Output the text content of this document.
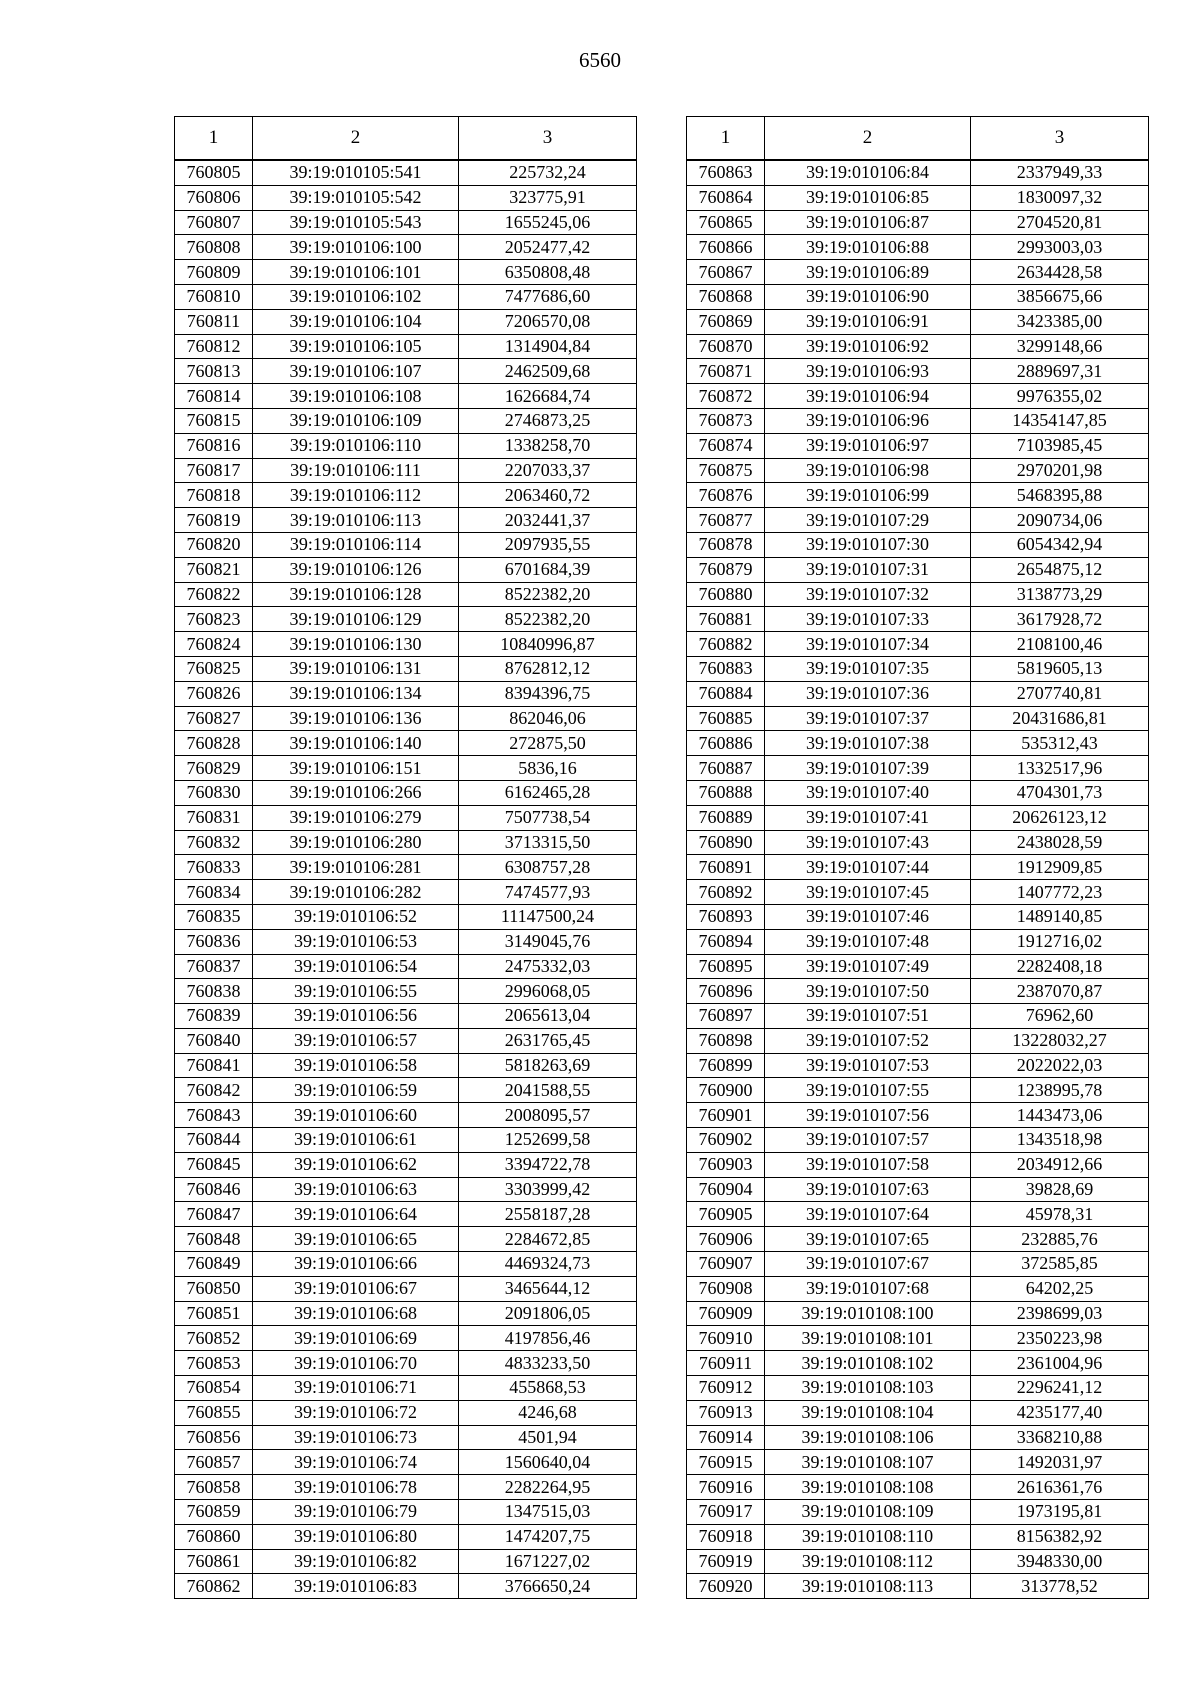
6560
1	2	3
760805	39:19:010105:541	225732,24
760806	39:19:010105:542	323775,91
760807	39:19:010105:543	1655245,06
760808	39:19:010106:100	2052477,42
760809	39:19:010106:101	6350808,48
760810	39:19:010106:102	7477686,60
760811	39:19:010106:104	7206570,08
760812	39:19:010106:105	1314904,84
760813	39:19:010106:107	2462509,68
760814	39:19:010106:108	1626684,74
760815	39:19:010106:109	2746873,25
760816	39:19:010106:110	1338258,70
760817	39:19:010106:111	2207033,37
760818	39:19:010106:112	2063460,72
760819	39:19:010106:113	2032441,37
760820	39:19:010106:114	2097935,55
760821	39:19:010106:126	6701684,39
760822	39:19:010106:128	8522382,20
760823	39:19:010106:129	8522382,20
760824	39:19:010106:130	10840996,87
760825	39:19:010106:131	8762812,12
760826	39:19:010106:134	8394396,75
760827	39:19:010106:136	862046,06
760828	39:19:010106:140	272875,50
760829	39:19:010106:151	5836,16
760830	39:19:010106:266	6162465,28
760831	39:19:010106:279	7507738,54
760832	39:19:010106:280	3713315,50
760833	39:19:010106:281	6308757,28
760834	39:19:010106:282	7474577,93
760835	39:19:010106:52	11147500,24
760836	39:19:010106:53	3149045,76
760837	39:19:010106:54	2475332,03
760838	39:19:010106:55	2996068,05
760839	39:19:010106:56	2065613,04
760840	39:19:010106:57	2631765,45
760841	39:19:010106:58	5818263,69
760842	39:19:010106:59	2041588,55
760843	39:19:010106:60	2008095,57
760844	39:19:010106:61	1252699,58
760845	39:19:010106:62	3394722,78
760846	39:19:010106:63	3303999,42
760847	39:19:010106:64	2558187,28
760848	39:19:010106:65	2284672,85
760849	39:19:010106:66	4469324,73
760850	39:19:010106:67	3465644,12
760851	39:19:010106:68	2091806,05
760852	39:19:010106:69	4197856,46
760853	39:19:010106:70	4833233,50
760854	39:19:010106:71	455868,53
760855	39:19:010106:72	4246,68
760856	39:19:010106:73	4501,94
760857	39:19:010106:74	1560640,04
760858	39:19:010106:78	2282264,95
760859	39:19:010106:79	1347515,03
760860	39:19:010106:80	1474207,75
760861	39:19:010106:82	1671227,02
760862	39:19:010106:83	3766650,24
1	2	3
760863	39:19:010106:84	2337949,33
760864	39:19:010106:85	1830097,32
760865	39:19:010106:87	2704520,81
760866	39:19:010106:88	2993003,03
760867	39:19:010106:89	2634428,58
760868	39:19:010106:90	3856675,66
760869	39:19:010106:91	3423385,00
760870	39:19:010106:92	3299148,66
760871	39:19:010106:93	2889697,31
760872	39:19:010106:94	9976355,02
760873	39:19:010106:96	14354147,85
760874	39:19:010106:97	7103985,45
760875	39:19:010106:98	2970201,98
760876	39:19:010106:99	5468395,88
760877	39:19:010107:29	2090734,06
760878	39:19:010107:30	6054342,94
760879	39:19:010107:31	2654875,12
760880	39:19:010107:32	3138773,29
760881	39:19:010107:33	3617928,72
760882	39:19:010107:34	2108100,46
760883	39:19:010107:35	5819605,13
760884	39:19:010107:36	2707740,81
760885	39:19:010107:37	20431686,81
760886	39:19:010107:38	535312,43
760887	39:19:010107:39	1332517,96
760888	39:19:010107:40	4704301,73
760889	39:19:010107:41	20626123,12
760890	39:19:010107:43	2438028,59
760891	39:19:010107:44	1912909,85
760892	39:19:010107:45	1407772,23
760893	39:19:010107:46	1489140,85
760894	39:19:010107:48	1912716,02
760895	39:19:010107:49	2282408,18
760896	39:19:010107:50	2387070,87
760897	39:19:010107:51	76962,60
760898	39:19:010107:52	13228032,27
760899	39:19:010107:53	2022022,03
760900	39:19:010107:55	1238995,78
760901	39:19:010107:56	1443473,06
760902	39:19:010107:57	1343518,98
760903	39:19:010107:58	2034912,66
760904	39:19:010107:63	39828,69
760905	39:19:010107:64	45978,31
760906	39:19:010107:65	232885,76
760907	39:19:010107:67	372585,85
760908	39:19:010107:68	64202,25
760909	39:19:010108:100	2398699,03
760910	39:19:010108:101	2350223,98
760911	39:19:010108:102	2361004,96
760912	39:19:010108:103	2296241,12
760913	39:19:010108:104	4235177,40
760914	39:19:010108:106	3368210,88
760915	39:19:010108:107	1492031,97
760916	39:19:010108:108	2616361,76
760917	39:19:010108:109	1973195,81
760918	39:19:010108:110	8156382,92
760919	39:19:010108:112	3948330,00
760920	39:19:010108:113	313778,52
